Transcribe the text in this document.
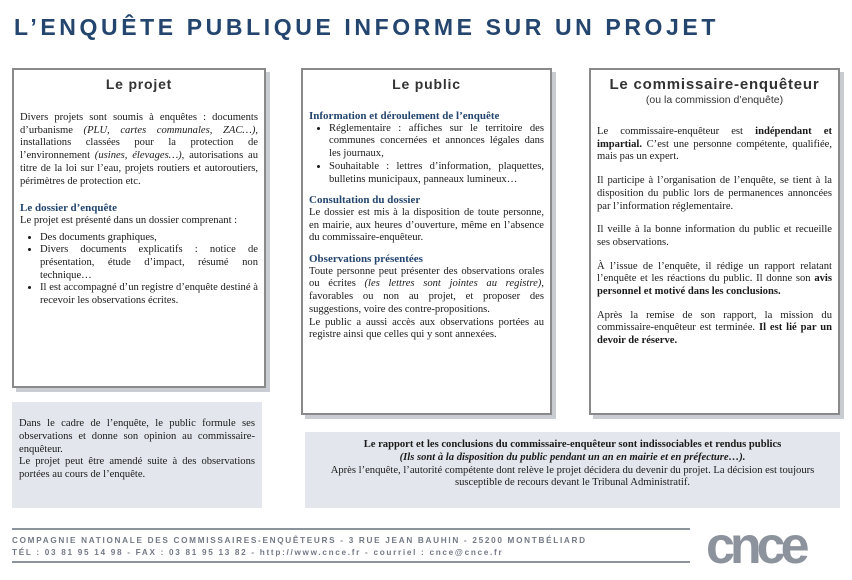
L’ENQUÊTE PUBLIQUE INFORME SUR UN PROJET
Le projet

Divers projets sont soumis à enquêtes : documents d’urbanisme (PLU, cartes communales, ZAC…), installations classées pour la protection de l’environnement (usines, élevages…), autorisations au titre de la loi sur l’eau, projets routiers et autoroutiers, périmètres de protection etc.

Le dossier d’enquête

Le projet est présenté dans un dossier comprenant :

• Des documents graphiques,
• Divers documents explicatifs : notice de présentation, étude d’impact, résumé non technique…
• Il est accompagné d’un registre d’enquête destiné à recevoir les observations écrites.
Le public

Information et déroulement de l’enquête

• Réglementaire : affiches sur le territoire des communes concernées et annonces légales dans les journaux,
• Souhaitable : lettres d’information, plaquettes, bulletins municipaux, panneaux lumineux…

Consultation du dossier

Le dossier est mis à la disposition de toute personne, en mairie, aux heures d’ouverture, même en l’absence du commissaire-enquêteur.

Observations présentées

Toute personne peut présenter des observations orales ou écrites (les lettres sont jointes au registre), favorables ou non au projet, et proposer des suggestions, voire des contre-propositions.

Le public a aussi accès aux observations portées au registre ainsi que celles qui y sont annexées.

Le commissaire-enquêteur
(ou la commission d’enquête)

Le commissaire-enquêteur est indépendant et impartial. C’est une personne compétente, qualifiée, mais pas un expert.

Il participe à l’organisation de l’enquête, se tient à la disposition du public lors de permanences annoncées par l’information réglementaire.

Il veille à la bonne information du public et recueille ses observations.

À l’issue de l’enquête, il rédige un rapport relatant l’enquête et les réactions du public. Il donne son avis personnel et motivé dans les conclusions.

Après la remise de son rapport, la mission du commissaire-enquêteur est terminée. Il est lié par un devoir de réserve.

Dans le cadre de l’enquête, le public formule ses observations et donne son opinion au commissaire-enquêteur.

Le projet peut être amendé suite à des observations portées au cours de l’enquête.

Le rapport et les conclusions du commissaire-enquêteur sont indissociables et rendus publics

(Ils sont à la disposition du public pendant un an en mairie et en préfecture…).

Après l’enquête, l’autorité compétente dont relève le projet décidera du devenir du projet. La décision est toujours susceptible de recours devant le Tribunal Administratif.

COMPAGNIE NATIONALE DES COMMISSAIRES-ENQUÊTEURS - 3 RUE JEAN BAUHIN - 25200 MONTBÉLIARD
TÉL : 03 81 95 14 98 - FAX : 03 81 95 13 82 - http://www.cnce.fr - courriel : cnce@cnce.fr	cnce
